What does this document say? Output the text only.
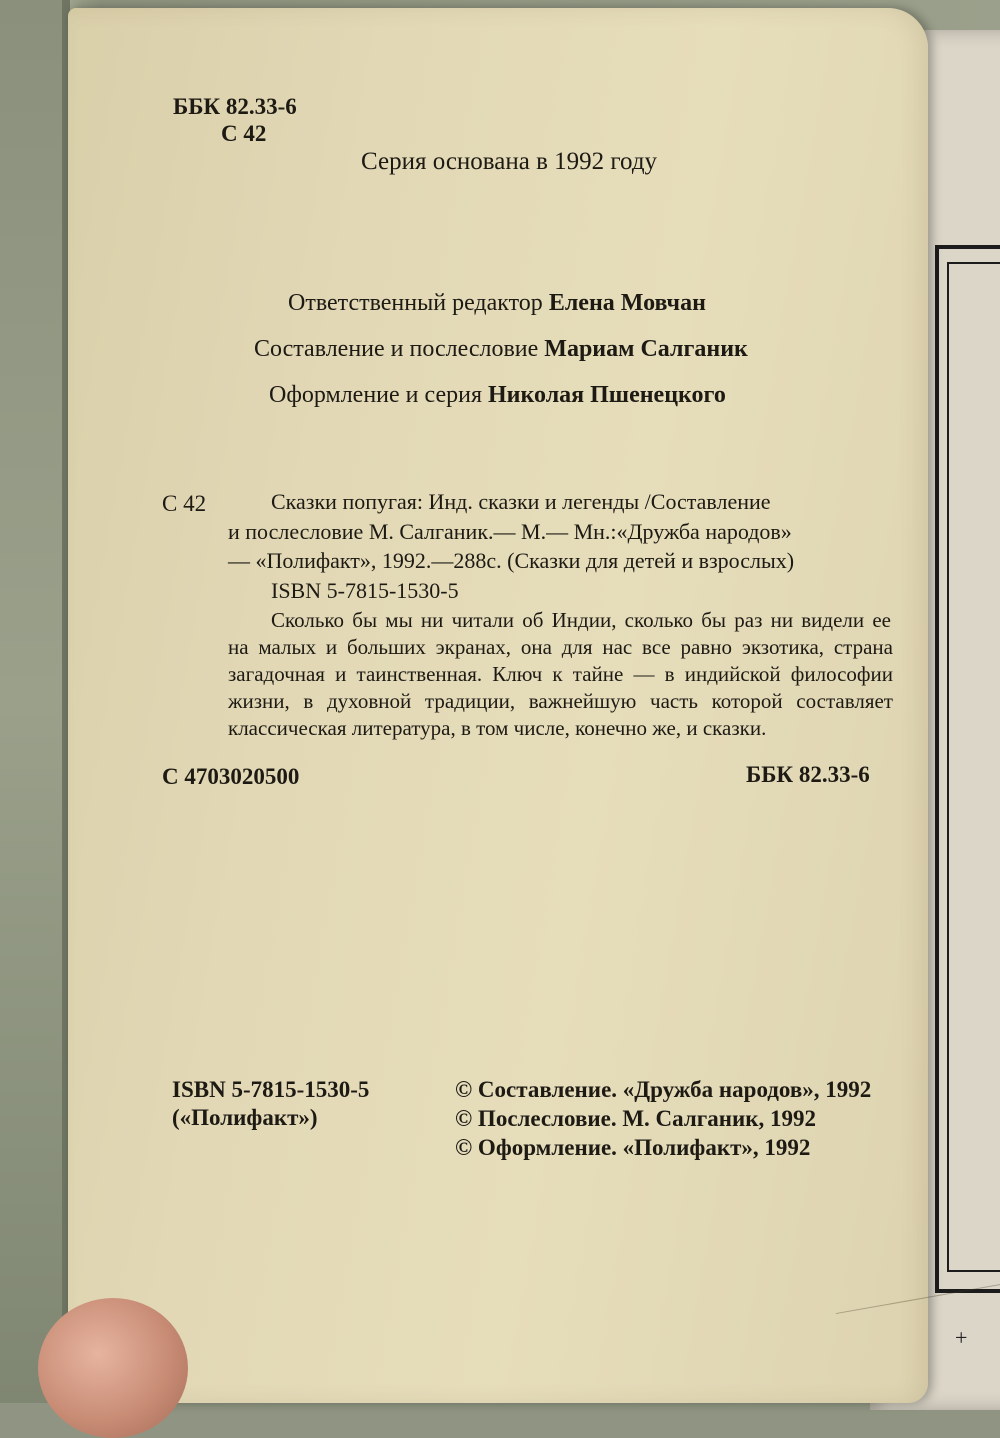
+
ББК 82.33-6
С 42
Серия основана в 1992 году
Ответственный редактор Елена Мовчан
Составление и послесловие Мариам Салганик
Оформление и серия Николая Пшенецкого
С 42	Сказки попугая: Инд. сказки и легенды /Составление
и послесловие М. Салганик.— М.— Мн.:«Дружба народов»
— «Полифакт», 1992.—288с. (Сказки для детей и взрослых)
ISBN 5-7815-1530-5
Сколько бы мы ни читали об Индии, сколько бы раз ни видели ее
на малых и больших экранах, она для нас все равно экзотика, страна
загадочная и таинственная. Ключ к тайне — в индийской философии
жизни, в духовной традиции, важнейшую часть которой составляет
классическая литература, в том числе, конечно же, и сказки.
С 4703020500	ББК 82.33-6
ISBN 5-7815-1530-5
(«Полифакт»)
© Составление. «Дружба народов», 1992
© Послесловие. М. Салганик, 1992
© Оформление. «Полифакт», 1992
